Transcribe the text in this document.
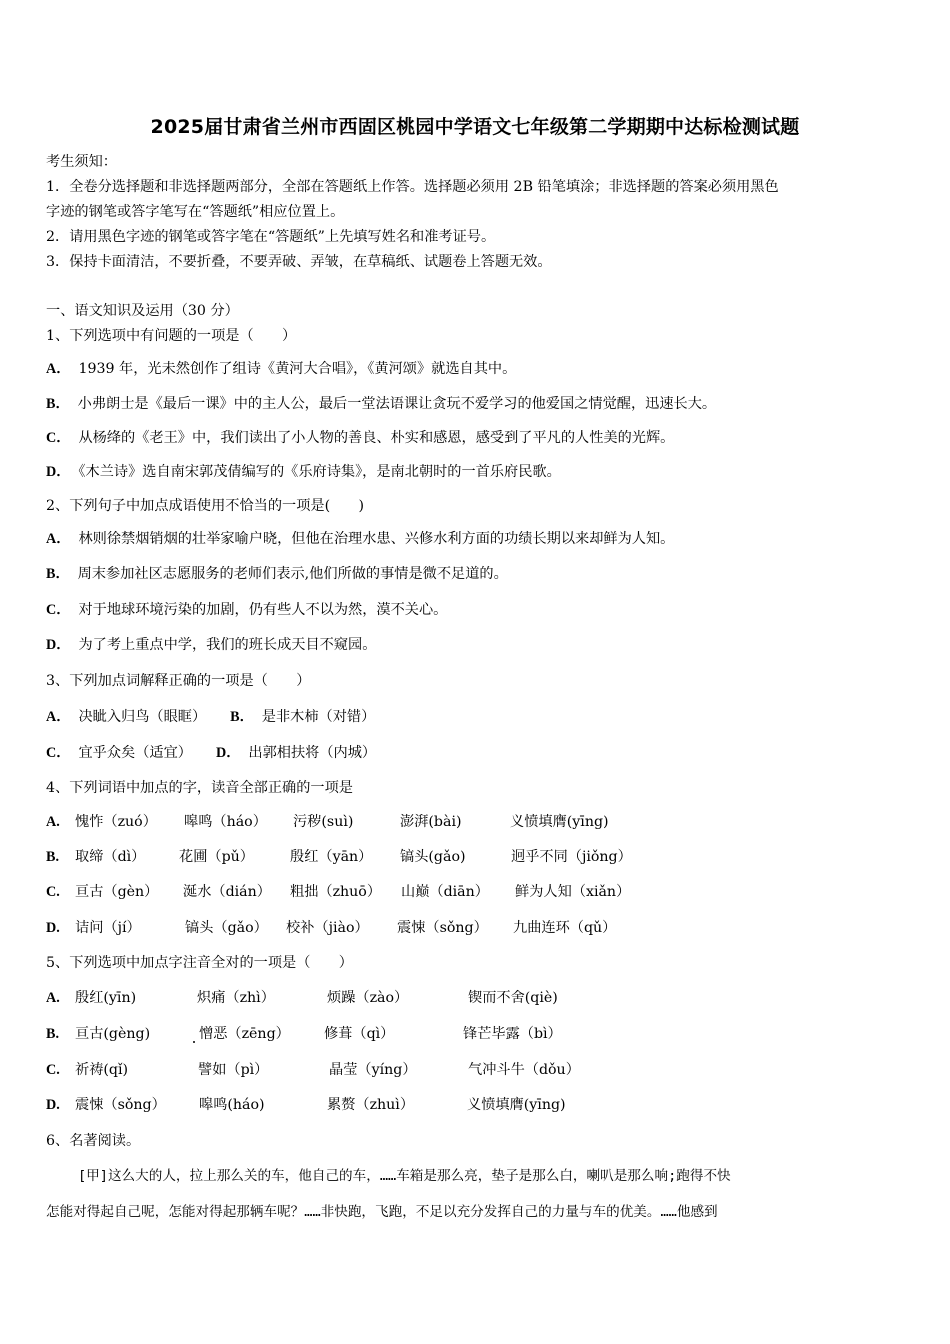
2025届甘肃省兰州市西固区桃园中学语文七年级第二学期期中达标检测试题
考生须知：
1．全卷分选择题和非选择题两部分，全部在答题纸上作答。选择题必须用 2B 铅笔填涂；非选择题的答案必须用黑色
字迹的钢笔或答字笔写在“答题纸”相应位置上。
2．请用黑色字迹的钢笔或答字笔在“答题纸”上先填写姓名和准考证号。
3．保持卡面清洁，不要折叠，不要弄破、弄皱，在草稿纸、试题卷上答题无效。
一、语文知识及运用（30 分）
1、下列选项中有问题的一项是（　　）
A． 1939 年，光未然创作了组诗《黄河大合唱》，《黄河颂》就选自其中。
B． 小弗朗士是《最后一课》中的主人公，最后一堂法语课让贪玩不爱学习的他爱国之情觉醒，迅速长大。
C． 从杨绛的《老王》中，我们读出了小人物的善良、朴实和感恩，感受到了平凡的人性美的光辉。
D． 《木兰诗》选自南宋郭茂倩编写的《乐府诗集》，是南北朝时的一首乐府民歌。
2、下列句子中加点成语使用不恰当的一项是(　　)
A． 林则徐禁烟销烟的壮举家喻户晓，但他在治理水患、兴修水利方面的功绩长期以来却鲜为人知。
B． 周末参加社区志愿服务的老师们表示,他们所做的事情是微不足道的。
C． 对于地球环境污染的加剧，仍有些人不以为然，漠不关心。
D． 为了考上重点中学，我们的班长成天目不窥园。
3、下列加点词解释正确的一项是（　　）
A． 决眦入归鸟（眼眶） B． 是非木柿（对错）
C． 宜乎众矣（适宜） D． 出郭相扶将（内城）
4、下列词语中加点的字，读音全部正确的一项是
A. 愧怍（zuó） 嗥鸣（háo） 污秽(suì)	澎湃(bài)	义愤填膺(yīng)
B. 取缔（dì） 花圃（pǔ）	殷红（yān） 镐头(gǎo)	迥乎不同（jiǒng）
C. 亘古（gèn） 涎水（dián） 粗拙（zhuō） 山巅（diān） 鲜为人知（xiǎn）
D. 诘问（jí）	镐头（gǎo） 校补（jiào） 震悚（sǒng） 九曲连环（qǔ）
5、下列选项中加点字注音全对的一项是（　　）
A. 殷红(yīn)	炽痛（zhì）	烦躁（zào）	锲而不舍(qiè)
B. 亘古(gèng)	憎恶（zēng） 修葺（qì）	锋芒毕露（bì）
C. 祈祷(qǐ)	譬如（pì）	晶莹（yíng）	气冲斗牛（dǒu）
D. 震悚（sǒng） 嗥鸣(háo)	累赘（zhuì）	义愤填膺(yīng)
6、名著阅读。
[甲]这么大的人，拉上那么关的车，他自己的车，……车箱是那么亮，垫子是那么白，喇叭是那么响;跑得不快
怎能对得起自己呢，怎能对得起那辆车呢？……非快跑，飞跑，不足以充分发挥自己的力量与车的优美。……他感到
